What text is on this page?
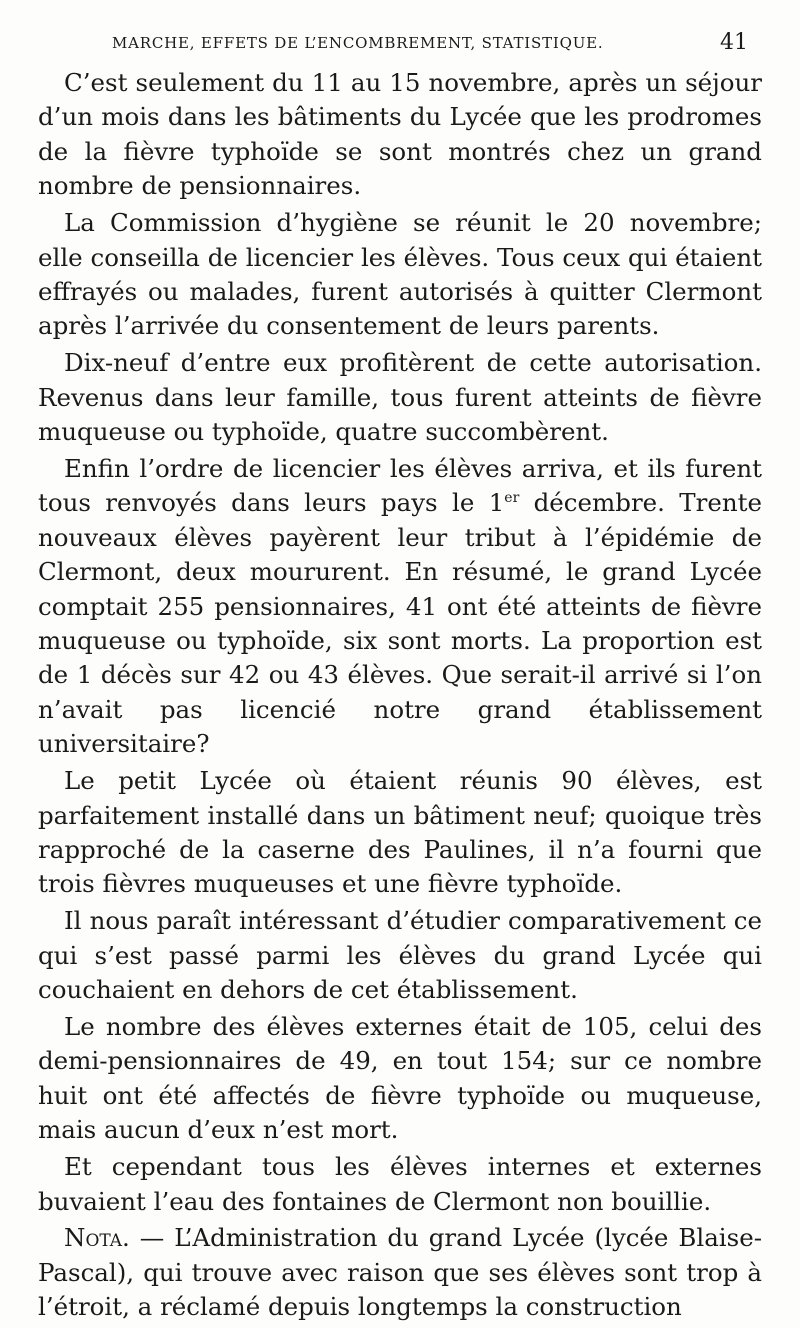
MARCHE, EFFETS DE L’ENCOMBREMENT, STATISTIQUE.	41

C’est seulement du 11 au 15 novembre, après un séjour d’un mois dans les bâtiments du Lycée que les prodromes de la fièvre typhoïde se sont montrés chez un grand nombre de pensionnaires.

La Commission d’hygiène se réunit le 20 novembre; elle conseilla de licencier les élèves. Tous ceux qui étaient effrayés ou malades, furent autorisés à quitter Clermont après l’arrivée du consentement de leurs parents.

Dix-neuf d’entre eux profitèrent de cette autorisation. Revenus dans leur famille, tous furent atteints de fièvre muqueuse ou typhoïde, quatre succombèrent.

Enfin l’ordre de licencier les élèves arriva, et ils furent tous renvoyés dans leurs pays le 1er décembre. Trente nouveaux élèves payèrent leur tribut à l’épidémie de Clermont, deux moururent. En résumé, le grand Lycée comptait 255 pensionnaires, 41 ont été atteints de fièvre muqueuse ou typhoïde, six sont morts. La proportion est de 1 décès sur 42 ou 43 élèves. Que serait-il arrivé si l’on n’avait pas licencié notre grand établissement universitaire?

Le petit Lycée où étaient réunis 90 élèves, est parfaitement installé dans un bâtiment neuf; quoique très rapproché de la caserne des Paulines, il n’a fourni que trois fièvres muqueuses et une fièvre typhoïde.

Il nous paraît intéressant d’étudier comparativement ce qui s’est passé parmi les élèves du grand Lycée qui couchaient en dehors de cet établissement.

Le nombre des élèves externes était de 105, celui des demi-pensionnaires de 49, en tout 154; sur ce nombre huit ont été affectés de fièvre typhoïde ou muqueuse, mais aucun d’eux n’est mort.

Et cependant tous les élèves internes et externes buvaient l’eau des fontaines de Clermont non bouillie.

Nota. — L’Administration du grand Lycée (lycée Blaise-Pascal), qui trouve avec raison que ses élèves sont trop à l’étroit, a réclamé depuis longtemps la construction
